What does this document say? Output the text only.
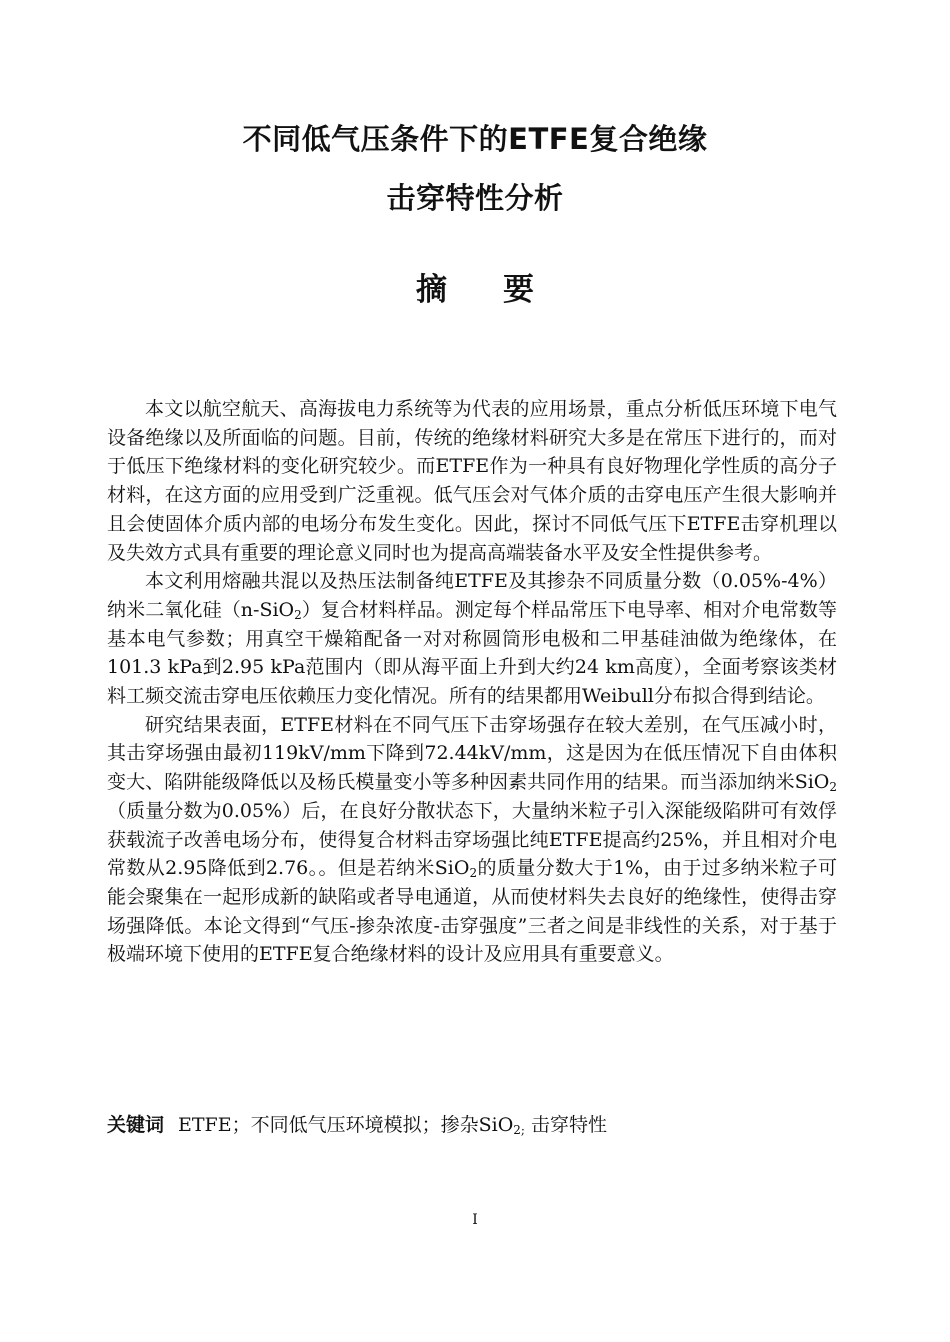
不同低气压条件下的ETFE复合绝缘
击穿特性分析
摘 要

本文以航空航天、高海拔电力系统等为代表的应用场景，重点分析低压环境下电气设备绝缘以及所面临的问题。目前，传统的绝缘材料研究大多是在常压下进行的，而对于低压下绝缘材料的变化研究较少。而ETFE作为一种具有良好物理化学性质的高分子材料，在这方面的应用受到广泛重视。低气压会对气体介质的击穿电压产生很大影响并且会使固体介质内部的电场分布发生变化。因此，探讨不同低气压下ETFE击穿机理以及失效方式具有重要的理论意义同时也为提高高端装备水平及安全性提供参考。

本文利用熔融共混以及热压法制备纯ETFE及其掺杂不同质量分数（0.05%-4%）纳米二氧化硅（n-SiO$_2$）复合材料样品。测定每个样品常压下电导率、相对介电常数等基本电气参数；用真空干燥箱配备一对对称圆筒形电极和二甲基硅油做为绝缘体，在101.3 kPa到2.95 kPa范围内（即从海平面上升到大约24 km高度），全面考察该类材料工频交流击穿电压依赖压力变化情况。所有的结果都用Weibull分布拟合得到结论。

研究结果表面，ETFE材料在不同气压下击穿场强存在较大差别，在气压减小时，其击穿场强由最初119kV/mm下降到72.44kV/mm，这是因为在低压情况下自由体积变大、陷阱能级降低以及杨氏模量变小等多种因素共同作用的结果。而当添加纳米SiO$_2$（质量分数为0.05%）后，在良好分散状态下，大量纳米粒子引入深能级陷阱可有效俘获载流子改善电场分布，使得复合材料击穿场强比纯ETFE提高约25%，并且相对介电常数从2.95降低到2.76。。但是若纳米SiO$_2$的质量分数大于1%，由于过多纳米粒子可能会聚集在一起形成新的缺陷或者导电通道，从而使材料失去良好的绝缘性，使得击穿场强降低。本论文得到“气压-掺杂浓度-击穿强度”三者之间是非线性的关系，对于基于极端环境下使用的ETFE复合绝缘材料的设计及应用具有重要意义。

关键词 ETFE；不同低气压环境模拟；掺杂SiO$_{2;}$ 击穿特性
I
